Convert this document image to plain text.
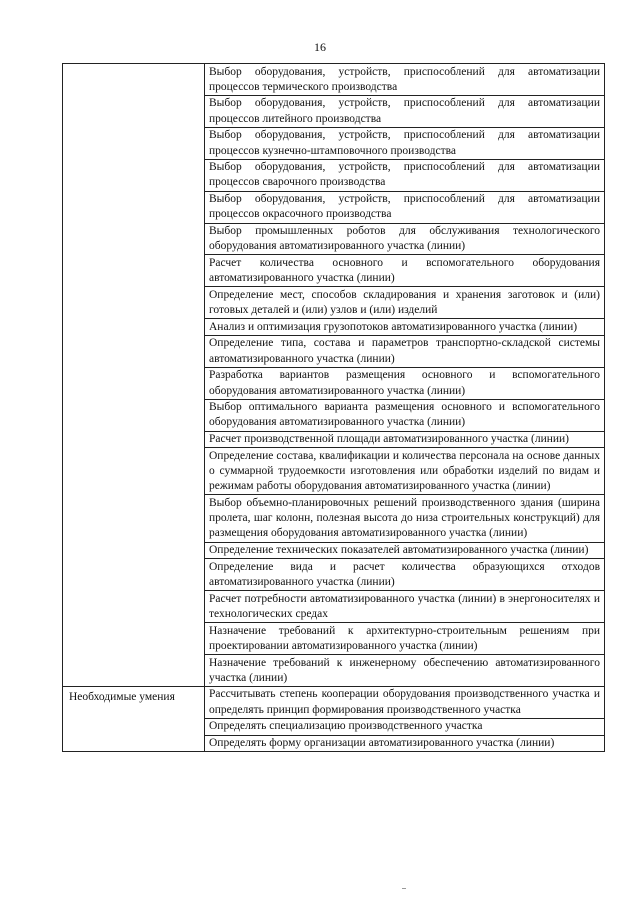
16

	Выбор оборудования, устройств, приспособлений для автоматизации процессов термического производства

	Выбор оборудования, устройств, приспособлений для автоматизации процессов литейного производства

	Выбор оборудования, устройств, приспособлений для автоматизации процессов кузнечно-штамповочного производства

	Выбор оборудования, устройств, приспособлений для автоматизации процессов сварочного производства

	Выбор оборудования, устройств, приспособлений для автоматизации процессов окрасочного производства

	Выбор промышленных роботов для обслуживания технологического оборудования автоматизированного участка (линии)

	Расчет количества основного и вспомогательного оборудования автоматизированного участка (линии)

	Определение мест, способов складирования и хранения заготовок и (или) готовых деталей и (или) узлов и (или) изделий

	Анализ и оптимизация грузопотоков автоматизированного участка (линии)

	Определение типа, состава и параметров транспортно-складской системы автоматизированного участка (линии)

	Разработка вариантов размещения основного и вспомогательного оборудования автоматизированного участка (линии)

	Выбор оптимального варианта размещения основного и вспомогательного оборудования автоматизированного участка (линии)

	Расчет производственной площади автоматизированного участка (линии)

	Определение состава, квалификации и количества персонала на основе данных о суммарной трудоемкости изготовления или обработки изделий по видам и режимам работы оборудования автоматизированного участка (линии)

	Выбор объемно-планировочных решений производственного здания (ширина пролета, шаг колонн, полезная высота до низа строительных конструкций) для размещения оборудования автоматизированного участка (линии)

	Определение технических показателей автоматизированного участка (линии)

	Определение вида и расчет количества образующихся отходов автоматизированного участка (линии)

	Расчет потребности автоматизированного участка (линии) в энергоносителях и технологических средах

	Назначение требований к архитектурно-строительным решениям при проектировании автоматизированного участка (линии)

	Назначение требований к инженерному обеспечению автоматизированного участка (линии)

Необходимые умения	Рассчитывать степень кооперации оборудования производственного участка и определять принцип формирования производственного участка

	Определять специализацию производственного участка

	Определять форму организации автоматизированного участка (линии)
